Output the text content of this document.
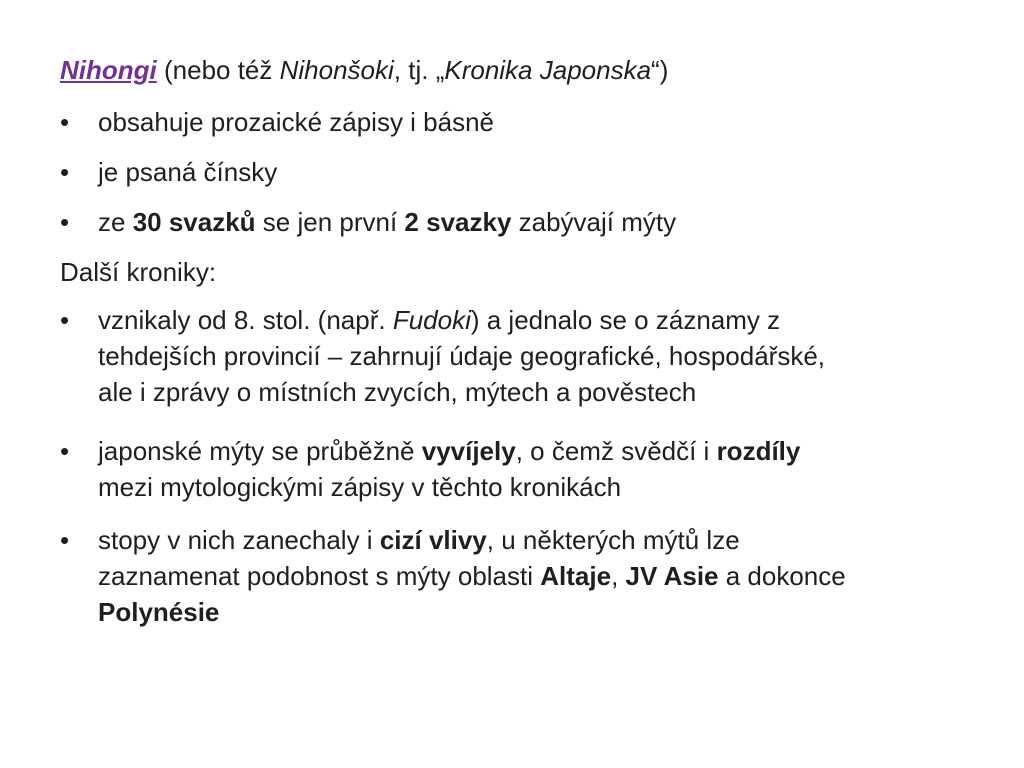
Nihongi (nebo též Nihonšoki, tj. „Kronika Japonska“)
•	obsahuje prozaické zápisy i básně
•	je psaná čínsky
•	ze 30 svazků se jen první 2 svazky zabývají mýty
Další kroniky:
•	vznikaly od 8. stol. (např. Fudoki) a jednalo se o záznamy z
tehdejších provincií – zahrnují údaje geografické, hospodářské,
ale i zprávy o místních zvycích, mýtech a pověstech
•	japonské mýty se průběžně vyvíjely, o čemž svědčí i rozdíly
mezi mytologickými zápisy v těchto kronikách
•	stopy v nich zanechaly i cizí vlivy, u některých mýtů lze
zaznamenat podobnost s mýty oblasti Altaje, JV Asie a dokonce
Polynésie
